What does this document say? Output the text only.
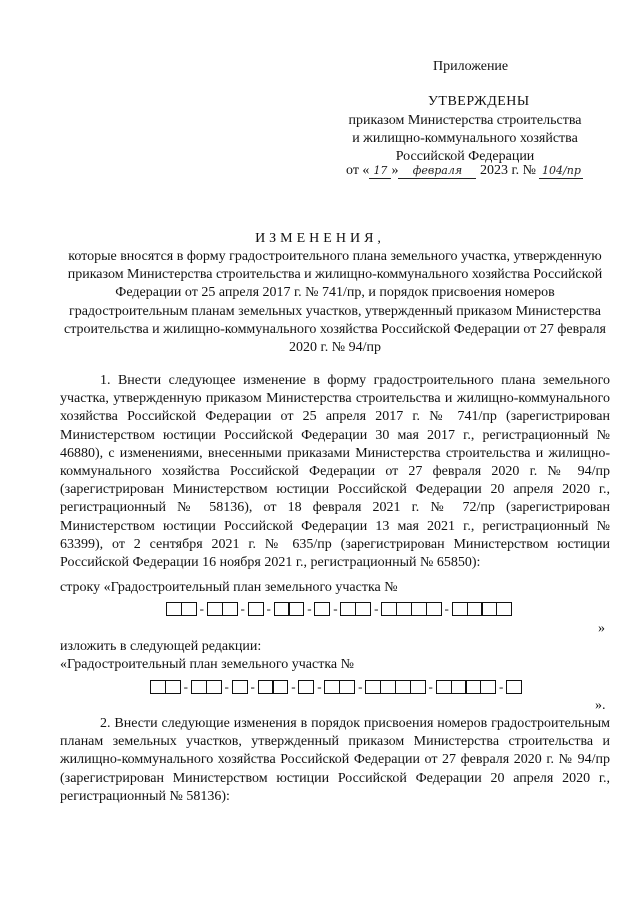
Приложение
УТВЕРЖДЕНЫ
приказом Министерства строительства
и жилищно-коммунального хозяйства
Российской Федерации
от « 17 » февраля 2023 г. № 104/пр
ИЗМЕНЕНИЯ,
которые вносятся в форму градостроительного плана земельного участка, утвержденную приказом Министерства строительства и жилищно-коммунального хозяйства Российской Федерации от 25 апреля 2017 г. № 741/пр, и порядок присвоения номеров градостроительным планам земельных участков, утвержденный приказом Министерства строительства и жилищно-коммунального хозяйства Российской Федерации от 27 февраля 2020 г. № 94/пр
1. Внести следующее изменение в форму градостроительного плана земельного участка, утвержденную приказом Министерства строительства и жилищно-коммунального хозяйства Российской Федерации от 25 апреля 2017 г. № 741/пр (зарегистрирован Министерством юстиции Российской Федерации 30 мая 2017 г., регистрационный № 46880), с изменениями, внесенными приказами Министерства строительства и жилищно-коммунального хозяйства Российской Федерации от 27 февраля 2020 г. № 94/пр (зарегистрирован Министерством юстиции Российской Федерации 20 апреля 2020 г., регистрационный № 58136), от 18 февраля 2021 г. № 72/пр (зарегистрирован Министерством юстиции Российской Федерации 13 мая 2021 г., регистрационный № 63399), от 2 сентября 2021 г. № 635/пр (зарегистрирован Министерством юстиции Российской Федерации 16 ноября 2021 г., регистрационный № 65850):
строку «Градостроительный план земельного участка №
-	- -	- -	-	-
»
изложить в следующей редакции:
«Градостроительный план земельного участка №
-	- -	- -	-	-	-
».
2. Внести следующие изменения в порядок присвоения номеров градостроительным планам земельных участков, утвержденный приказом Министерства строительства и жилищно-коммунального хозяйства Российской Федерации от 27 февраля 2020 г. № 94/пр (зарегистрирован Министерством юстиции Российской Федерации 20 апреля 2020 г., регистрационный № 58136):
